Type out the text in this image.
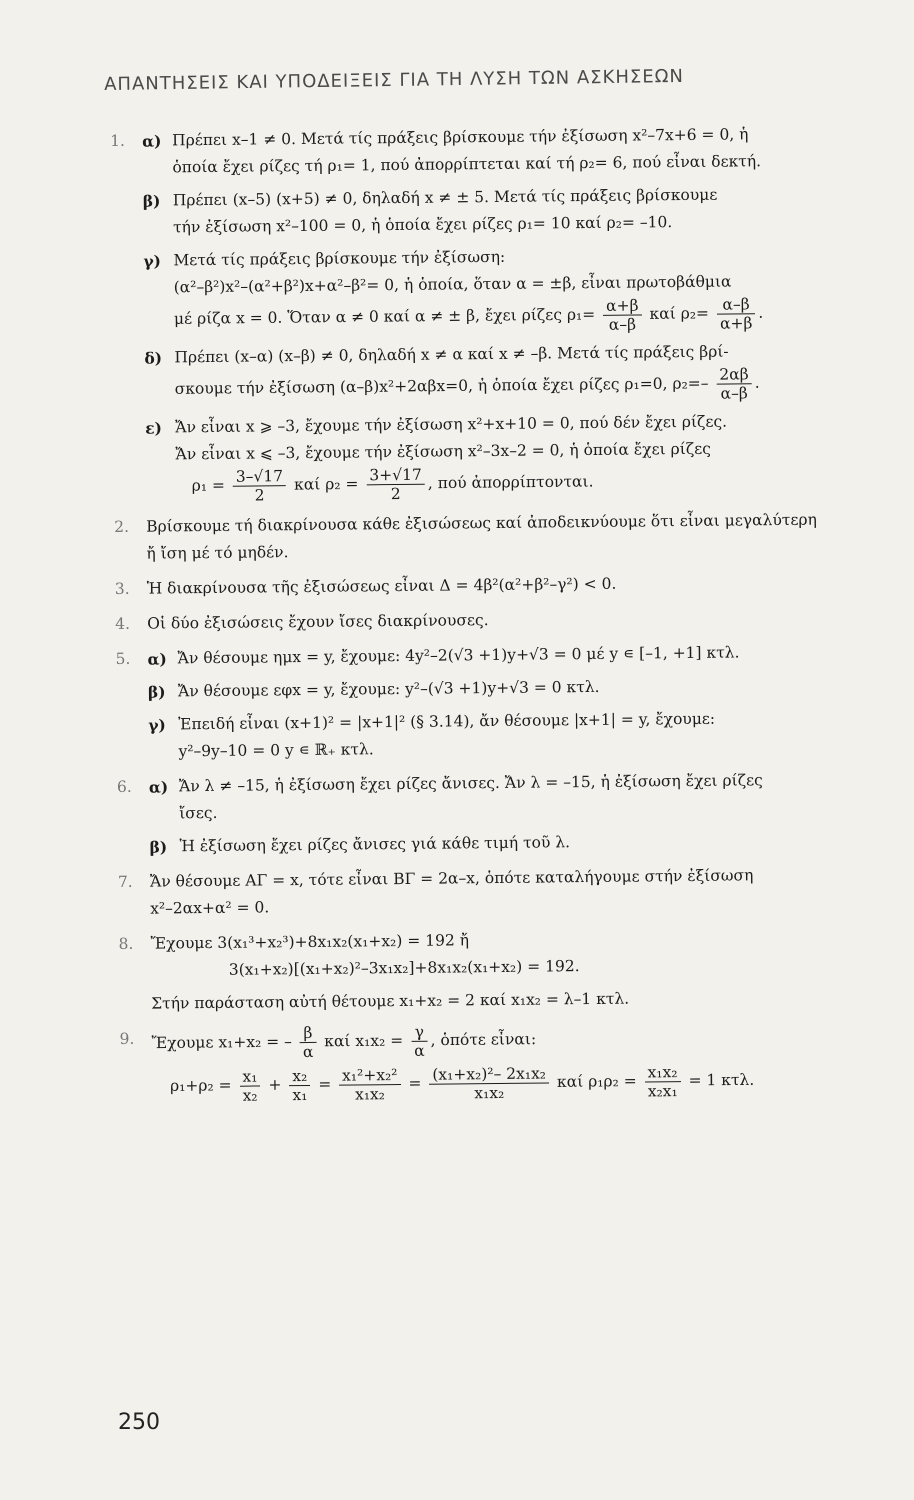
ΑΠΑΝΤΗΣΕΙΣ ΚΑΙ ΥΠΟΔΕΙΞΕΙΣ ΓΙΑ ΤΗ ΛΥΣΗ ΤΩΝ ΑΣΚΗΣΕΩΝ
1. α) Πρέπει x–1 ≠ 0. Μετά τίς πράξεις βρίσκουμε τήν ἐξίσωση x²–7x+6 = 0, ἡ
ὁποία ἔχει ρίζες τή ρ₁= 1, πού ἀπορρίπτεται καί τή ρ₂= 6, πού εἶναι δεκτή.
β) Πρέπει (x–5) (x+5) ≠ 0, δηλαδή x ≠ ± 5. Μετά τίς πράξεις βρίσκουμε
τήν ἐξίσωση x²–100 = 0, ἡ ὁποία ἔχει ρίζες ρ₁= 10 καί ρ₂= –10.
γ) Μετά τίς πράξεις βρίσκουμε τήν ἐξίσωση:
(α²–β²)x²–(α²+β²)x+α²–β²= 0, ἡ ὁποία, ὅταν α = ±β, εἶναι πρωτοβάθμια
μέ ρίζα x = 0. Ὅταν α ≠ 0 καί α ≠ ± β, ἔχει ρίζες $\rho_1= \frac{\alpha+\beta}{\alpha-\beta}$ καί $\rho_2= \frac{\alpha-\beta}{\alpha+\beta}$ .
δ) Πρέπει (x–α) (x–β) ≠ 0, δηλαδή x ≠ α καί x ≠ –β. Μετά τίς πράξεις βρί-
σκουμε τήν ἐξίσωση (α–β)x²+2αβx=0, ἡ ὁποία ἔχει ρίζες ρ₁=0, $\rho_2=- \frac{2\alpha\beta}{\alpha-\beta}$ .
ε) Ἄν εἶναι x ⩾ –3, ἔχουμε τήν ἐξίσωση x²+x+10 = 0, πού δέν ἔχει ρίζες.
Ἄν εἶναι x ⩽ –3, ἔχουμε τήν ἐξίσωση x²–3x–2 = 0, ἡ ὁποία ἔχει ρίζες
$\rho_1 = \frac{3-√17}{2}$ καί $\rho_2 = \frac{3+√17}{2}$ , πού ἀπορρίπτονται.
2. Βρίσκουμε τή διακρίνουσα κάθε ἐξισώσεως καί ἀποδεικνύουμε ὅτι εἶναι μεγαλύτερη
ἤ ἴση μέ τό μηδέν.
3. Ἡ διακρίνουσα τῆς ἐξισώσεως εἶναι Δ = 4β²(α²+β²–γ²) < 0.
4. Οἱ δύο ἐξισώσεις ἔχουν ἴσες διακρίνουσες.
5. α) Ἄν θέσουμε ημx = y, ἔχουμε: 4y²–2(√3 +1)y+√3 = 0 μέ y ∊ [–1, +1] κτλ.
β) Ἄν θέσουμε εφx = y, ἔχουμε: y²–(√3 +1)y+√3 = 0 κτλ.
γ) Ἐπειδή εἶναι (x+1)² = |x+1|² (§ 3.14), ἄν θέσουμε |x+1| = y, ἔχουμε:
y²–9y–10 = 0 y ∊ ℝ₊ κτλ.
6. α) Ἄν λ ≠ –15, ἡ ἐξίσωση ἔχει ρίζες ἄνισες. Ἄν λ = –15, ἡ ἐξίσωση ἔχει ρίζες
ἴσες.
β) Ἡ ἐξίσωση ἔχει ρίζες ἄνισες γιά κάθε τιμή τοῦ λ.
7. Ἄν θέσουμε ΑΓ = x, τότε εἶναι ΒΓ = 2α–x, ὁπότε καταλήγουμε στήν ἐξίσωση
x²–2αx+α² = 0.
8. Ἔχουμε 3(x₁³+x₂³)+8x₁x₂(x₁+x₂) = 192 ἤ
3(x₁+x₂)[(x₁+x₂)²–3x₁x₂]+8x₁x₂(x₁+x₂) = 192.
Στήν παράσταση αὐτή θέτουμε x₁+x₂ = 2 καί x₁x₂ = λ–1 κτλ.
9. Ἔχουμε x₁+x₂ = – $\frac{\beta}{\alpha}$ καί $x_1x_2 = \frac{\gamma}{\alpha}$ , ὁπότε εἶναι:
$\rho_1+\rho_2 = \frac{\text{x₁}}{\text{x₂}} + \frac{\text{x₂}}{\text{x₁}} = \frac{\text{x₁²+x₂²}}{\text{x₁x₂}} = \frac{\text{(x₁+x₂)²– 2x₁x₂}}{\text{x₁x₂}}$ καί $\rho_1\rho_2 = \frac{\text{x₁x₂}}{\text{x₂x₁}} = 1$ κτλ.
250
